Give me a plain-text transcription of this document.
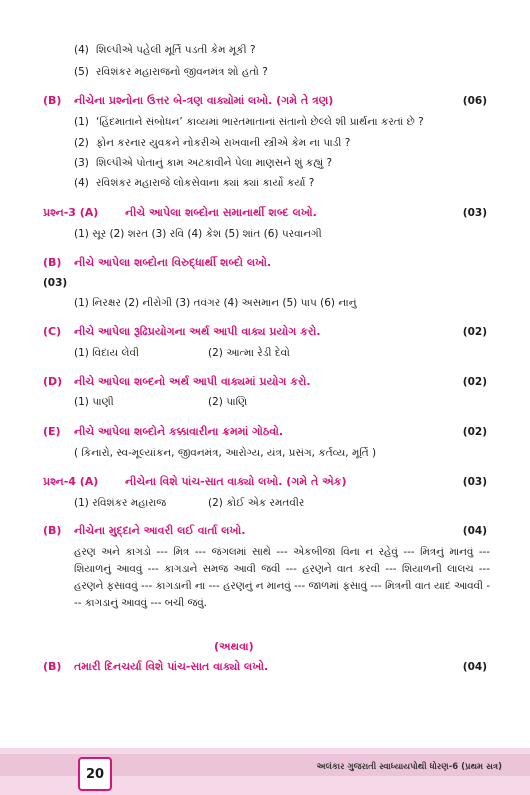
(4) શિલ્પીએ પહેલી મૂર્તિ પડતી કેમ મૂકી ?
(5) રવિશંકર મહારાજનો જીવનમંત્ર શો હતો ?
(B) નીચેના પ્રશ્નોના ઉત્તર બે-ત્રણ વાક્યોમાં લખો. (ગમે તે ત્રણ)	(06)
(1) ‘હિંદમાતાને સંબોધન’ કાવ્યમાં ભારતમાતાનાં સંતાનો છેલ્લે શી પ્રાર્થના કરતાં છે ?
(2) ફોન કરનાર યુવકને નોકરીએ રાખવાની સ્ત્રીએ કેમ ના પાડી ?
(3) શિલ્પીએ પોતાનું કામ અટકાવીને પેલા માણસને શું કહ્યું ?
(4) રવિશંકર મહારાજે લોકસેવાના ક્યાં ક્યાં કાર્યો કર્યા ?
પ્રશ્ન-3 (A) નીચે આપેલા શબ્દોના સમાનાર્થી શબ્દ લખો.	(03)
(1) સૂર (2) શરત (3) રવિ (4) કેશ (5) શાંત (6) પરવાનગી
(B) નીચે આપેલા શબ્દોના વિરુદ્ધાર્થી શબ્દો લખો.
(03)
(1) નિરક્ષર (2) નીરોગી (3) તવંગર (4) અસમાન (5) પાપ (6) નાનું
(C) નીચે આપેલા રૂઢિપ્રયોગના અર્થ આપી વાક્ય પ્રયોગ કરો.	(02)
(1) વિદાય લેવી	(2) આત્મા રેડી દેવો
(D) નીચે આપેલા શબ્દનો અર્થ આપી વાક્યમાં પ્રયોગ કરો.	(02)
(1) પાણી	(2) પાણિ
(E) નીચે આપેલા શબ્દોને કક્કાવારીના ક્રમમાં ગોઠવો.	(02)
( કિનારો, સ્વ-મૂલ્યાંકન, જીવનમંત્ર, આરોગ્ય, યંત્ર, પ્રસંગ, કર્તવ્ય, મૂર્તિ )
પ્રશ્ન-4 (A) નીચેના વિશે પાંચ-સાત વાક્યો લખો. (ગમે તે એક)	(03)
(1) રવિશંકર મહારાજ	(2) કોઈ એક રમતવીર
(B) નીચેના મુદ્દાને આવરી લઈ વાર્તા લખો.	(04)
હરણ અને કાગડો --- મિત્ર --- જંગલમાં સાથે --- એકબીજા વિના ન રહેવું --- મિત્રનું માનવું --- શિયાળનું આવવું --- કાગડાને સમજ આવી જવી --- હરણને વાત કરવી --- શિયાળની લાલચ --- હરણને ફસાવવું --- કાગડાની ના --- હરણનું ન માનવું --- જાળમાં ફસાવું --- મિત્રની વાત યાદ આવવી --- કાગડાનું આવવું --- બચી જવું.
(અથવા)
(B) તમારી દિનચર્યા વિશે પાંચ-સાત વાક્યો લખો.	(04)
20	અલંકાર ગુજરાતી સ્વાધ્યાયપોથી ધોરણ-6 (પ્રથમ સત્ર)
